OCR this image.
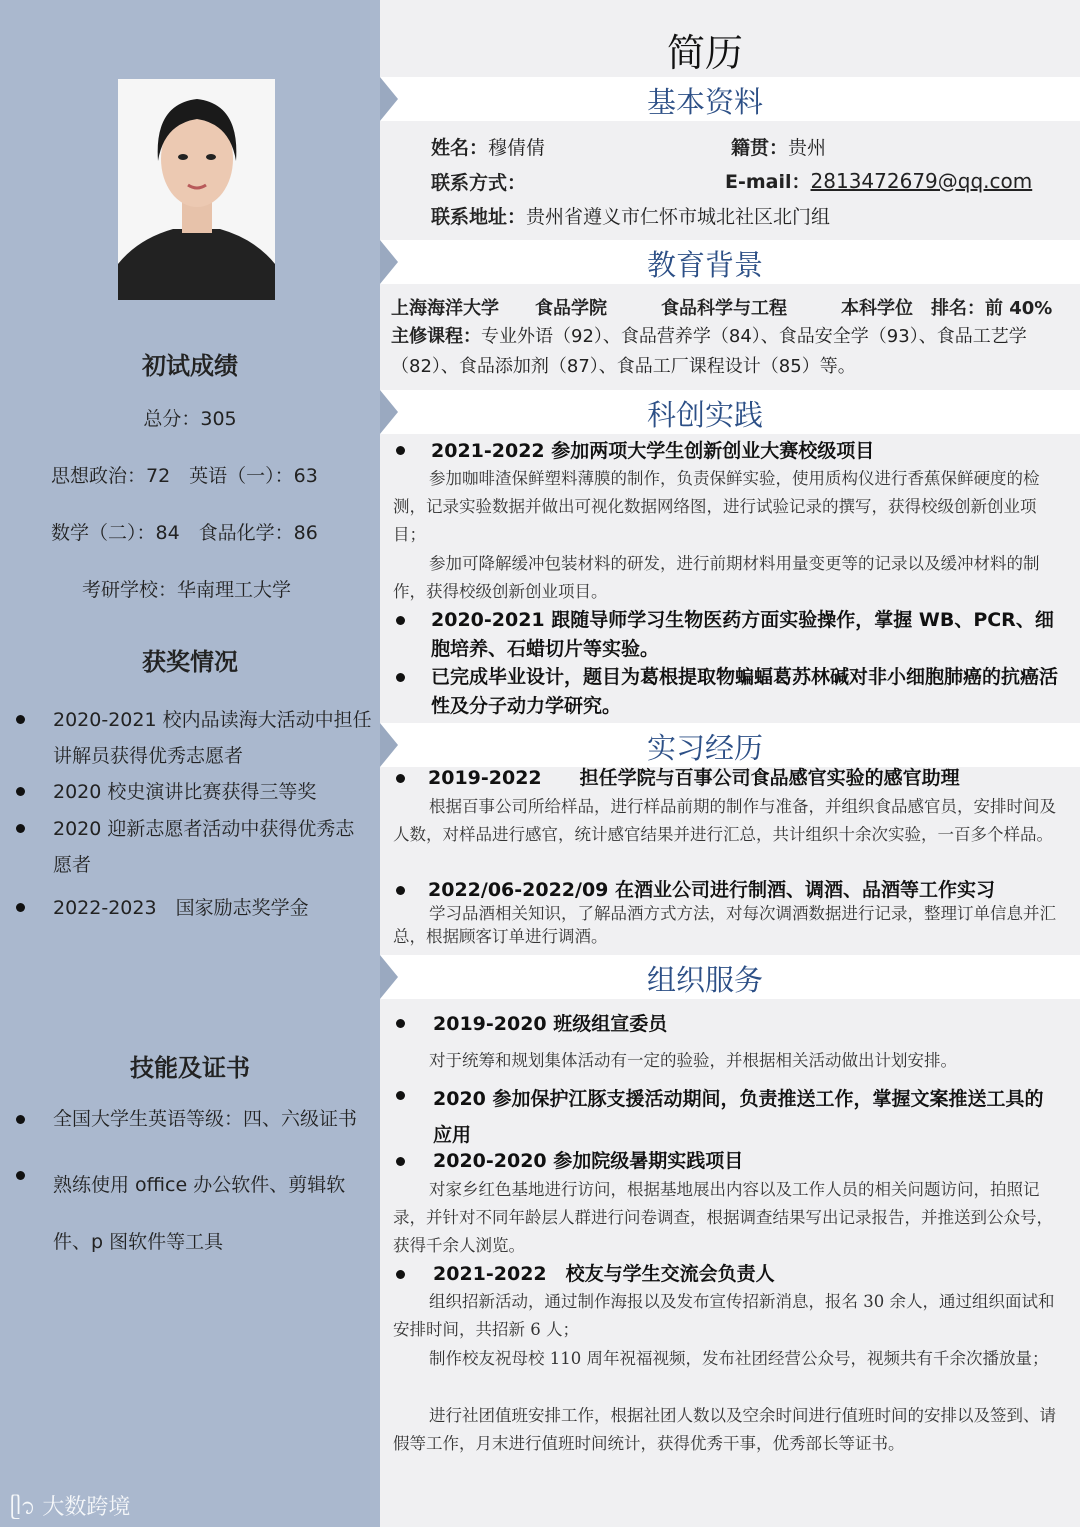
初试成绩
总分：305
思想政治：72　英语（一）：63
数学（二）：84　食品化学：86
考研学校：华南理工大学
获奖情况
2020-2021 校内品读海大活动中担任讲解员获得优秀志愿者
2020 校史演讲比赛获得三等奖
2020 迎新志愿者活动中获得优秀志愿者
2022-2023　国家励志奖学金
技能及证书
全国大学生英语等级：四、六级证书
熟练使用 office 办公软件、剪辑软件、p 图软件等工具
ᥫ᭡ 大数跨境
简历
基本资料
姓名：穆倩倩	籍贯：贵州
联系方式：	E-mail：2813472679@qq.com
联系地址：贵州省遵义市仁怀市城北社区北门组
教育背景
上海海洋大学　　食品学院　　　食品科学与工程　　　本科学位　排名：前 40%
主修课程：专业外语（92）、食品营养学（84）、食品安全学（93）、食品工艺学（82）、食品添加剂（87）、食品工厂课程设计（85）等。
科创实践
2021-2022 参加两项大学生创新创业大赛校级项目
参加咖啡渣保鲜塑料薄膜的制作，负责保鲜实验，使用质构仪进行香蕉保鲜硬度的检测，记录实验数据并做出可视化数据网络图，进行试验记录的撰写，获得校级创新创业项目；
参加可降解缓冲包装材料的研发，进行前期材料用量变更等的记录以及缓冲材料的制作，获得校级创新创业项目。
2020-2021 跟随导师学习生物医药方面实验操作，掌握 WB、PCR、细胞培养、石蜡切片等实验。
已完成毕业设计，题目为葛根提取物蝙蝠葛苏林碱对非小细胞肺癌的抗癌活性及分子动力学研究。
实习经历
2019-2022　　担任学院与百事公司食品感官实验的感官助理
根据百事公司所给样品，进行样品前期的制作与准备，并组织食品感官员，安排时间及人数，对样品进行感官，统计感官结果并进行汇总，共计组织十余次实验，一百多个样品。
2022/06-2022/09 在酒业公司进行制酒、调酒、品酒等工作实习
学习品酒相关知识，了解品酒方式方法，对每次调酒数据进行记录，整理订单信息并汇总，根据顾客订单进行调酒。
组织服务
2019-2020 班级组宣委员
对于统筹和规划集体活动有一定的验验，并根据相关活动做出计划安排。
2020 参加保护江豚支援活动期间，负责推送工作，掌握文案推送工具的应用
2020-2020 参加院级暑期实践项目
对家乡红色基地进行访问，根据基地展出内容以及工作人员的相关问题访问，拍照记录，并针对不同年龄层人群进行问卷调查，根据调查结果写出记录报告，并推送到公众号，获得千余人浏览。
2021-2022　校友与学生交流会负责人
组织招新活动，通过制作海报以及发布宣传招新消息，报名 30 余人，通过组织面试和安排时间，共招新 6 人；
制作校友祝母校 110 周年祝福视频，发布社团经营公众号，视频共有千余次播放量；
进行社团值班安排工作，根据社团人数以及空余时间进行值班时间的安排以及签到、请假等工作，月末进行值班时间统计，获得优秀干事，优秀部长等证书。
